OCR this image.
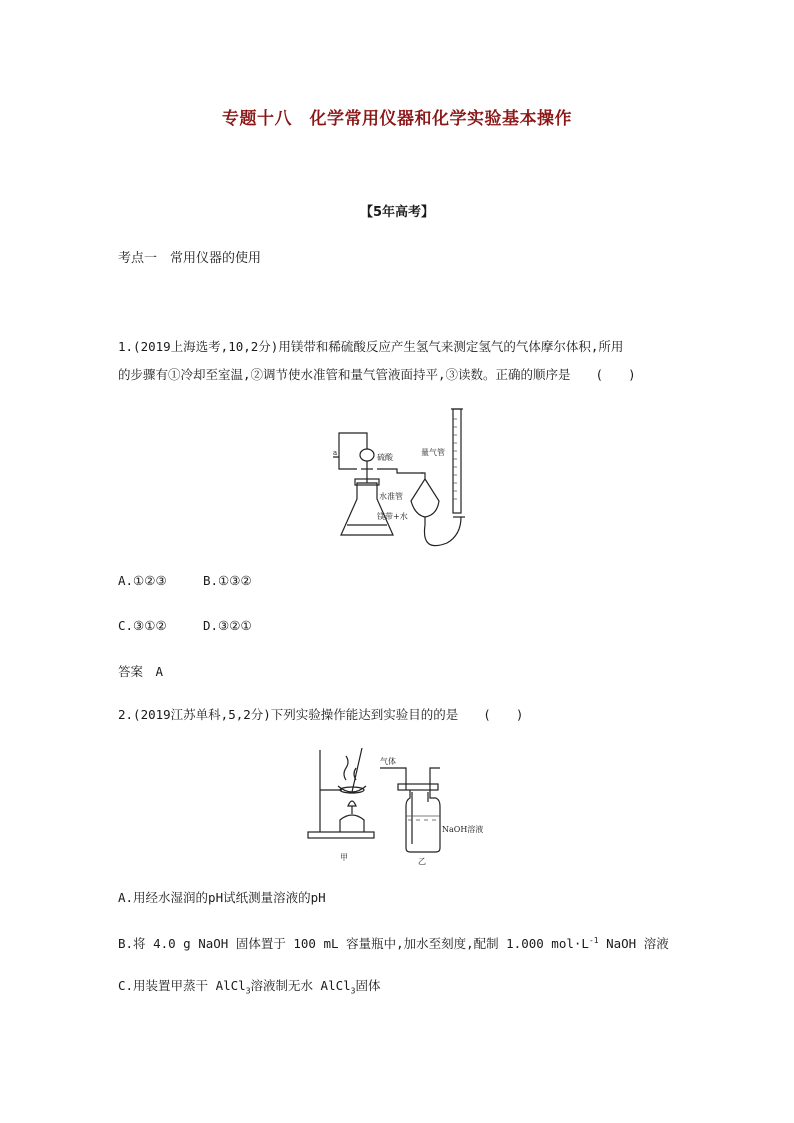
专题十八　化学常用仪器和化学实验基本操作
【5年高考】
考点一　常用仪器的使用
1.(2019上海选考,10,2分)用镁带和稀硫酸反应产生氢气来测定氢气的气体摩尔体积,所用
的步骤有①冷却至室温,②调节使水准管和量气管液面持平,③读数。正确的顺序是　　(　　)
a	硫酸
量气管
水准管
镁带+水
A.①②③	B.①③②
C.③①②	D.③②①
答案　A
2.(2019江苏单科,5,2分)下列实验操作能达到实验目的的是　　(　　)
气体
NaOH溶液
甲	乙
A.用经水湿润的pH试纸测量溶液的pH
B.将 4.0 g NaOH 固体置于 100 mL 容量瓶中,加水至刻度,配制 1.000 $mol\cdot L^{-1}$ NaOH 溶液
C.用装置甲蒸干 AlCl$_3$溶液制无水 AlCl$_3$固体
